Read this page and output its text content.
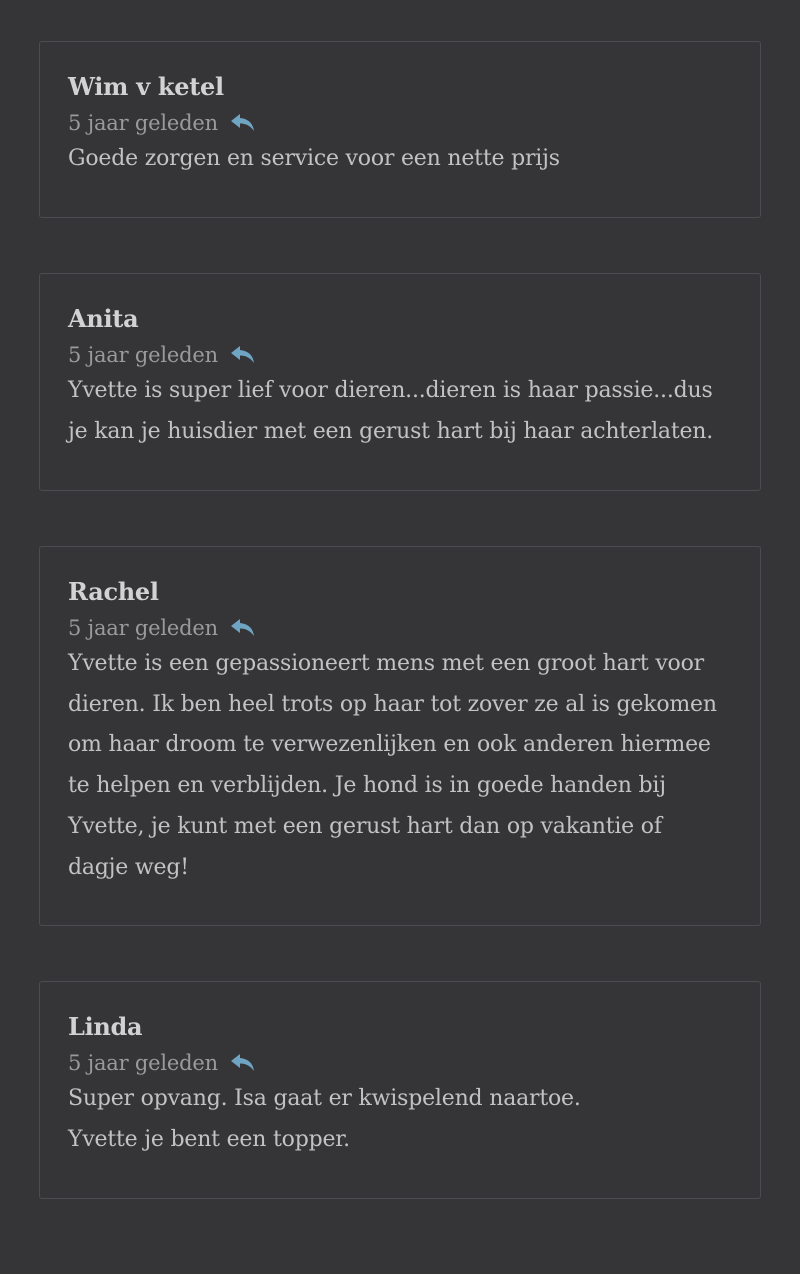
Wim v ketel
5 jaar geleden

Goede zorgen en service voor een nette prijs

Anita
5 jaar geleden

Yvette is super lief voor dieren...dieren is haar passie...dus

je kan je huisdier met een gerust hart bij haar achterlaten.

Rachel
5 jaar geleden

Yvette is een gepassioneert mens met een groot hart voor

dieren. Ik ben heel trots op haar tot zover ze al is gekomen

om haar droom te verwezenlijken en ook anderen hiermee

te helpen en verblijden. Je hond is in goede handen bij

Yvette, je kunt met een gerust hart dan op vakantie of

dagje weg!

Linda
5 jaar geleden

Super opvang. Isa gaat er kwispelend naartoe.

Yvette je bent een topper.
